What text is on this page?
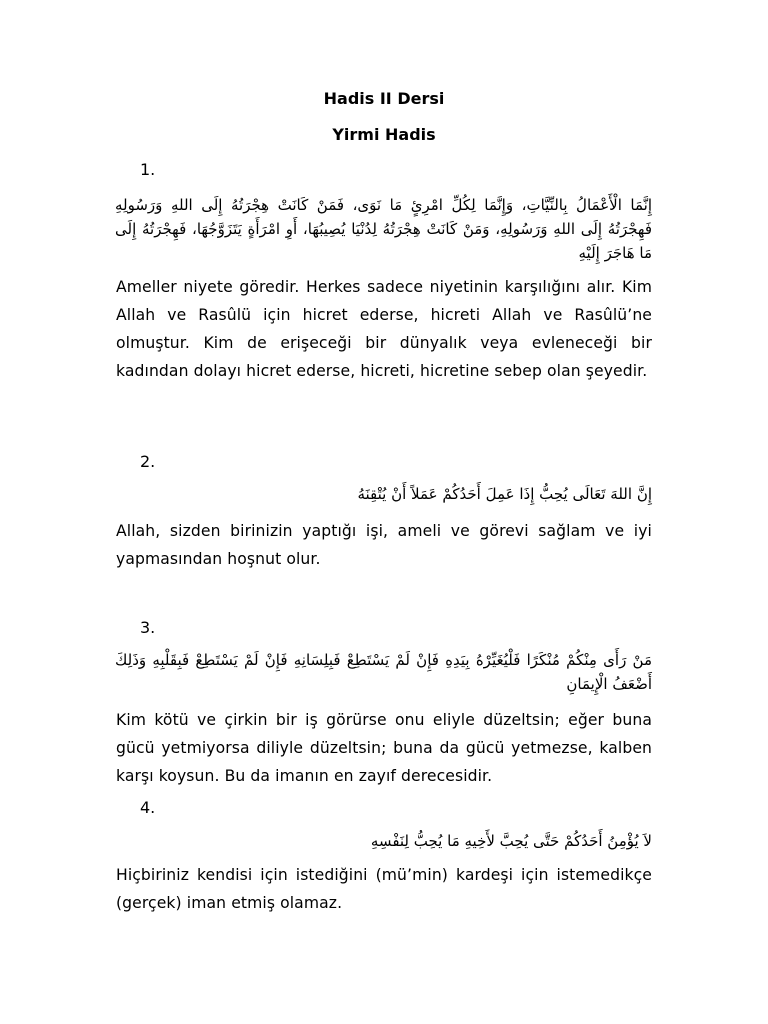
Hadis II Dersi
Yirmi Hadis
1.
إِنَّمَا الْأَعْمَالُ بِالنِّيَّاتِ، وَإِنَّمَا لِكُلِّ امْرِئٍ مَا نَوَى، فَمَنْ كَانَتْ هِجْرَتُهُ إِلَى اللهِ وَرَسُولِهِ فَهِجْرَتُهُ إِلَى اللهِ وَرَسُولِهِ، وَمَنْ كَانَتْ هِجْرَتُهُ لِدُنْيَا يُصِيبُهَا، أَوِ امْرَأَةٍ يَتَزَوَّجُهَا، فَهِجْرَتُهُ إِلَى مَا هَاجَرَ إِلَيْهِ
Ameller niyete göredir. Herkes sadece niyetinin karşılığını alır. Kim Allah ve Rasûlü için hicret ederse, hicreti Allah ve Rasûlü’ne olmuştur. Kim de erişeceği bir dünyalık veya evleneceği bir kadından dolayı hicret ederse, hicreti, hicretine sebep olan şeyedir.
2.
إِنَّ اللهَ تَعَالَى يُحِبُّ إِذَا عَمِلَ أَحَدُكُمْ عَمَلاً أَنْ يُتْقِنَهُ
Allah, sizden birinizin yaptığı işi, ameli ve görevi sağlam ve iyi yapmasından hoşnut olur.
3.
مَنْ رَأَى مِنْكُمْ مُنْكَرًا فَلْيُغَيِّرْهُ بِيَدِهِ فَإِنْ لَمْ يَسْتَطِعْ فَبِلِسَانِهِ فَإِنْ لَمْ يَسْتَطِعْ فَبِقَلْبِهِ وَذَلِكَ أَضْعَفُ الْإِيمَانِ
Kim kötü ve çirkin bir iş görürse onu eliyle düzeltsin; eğer buna gücü yetmiyorsa diliyle düzeltsin; buna da gücü yetmezse, kalben karşı koysun. Bu da imanın en zayıf derecesidir.
4.
لاَ يُؤْمِنُ أَحَدُكُمْ حَتَّى يُحِبَّ لأَخِيهِ مَا يُحِبُّ لِنَفْسِهِ
Hiçbiriniz kendisi için istediğini (mü’min) kardeşi için istemedikçe (gerçek) iman etmiş olamaz.
